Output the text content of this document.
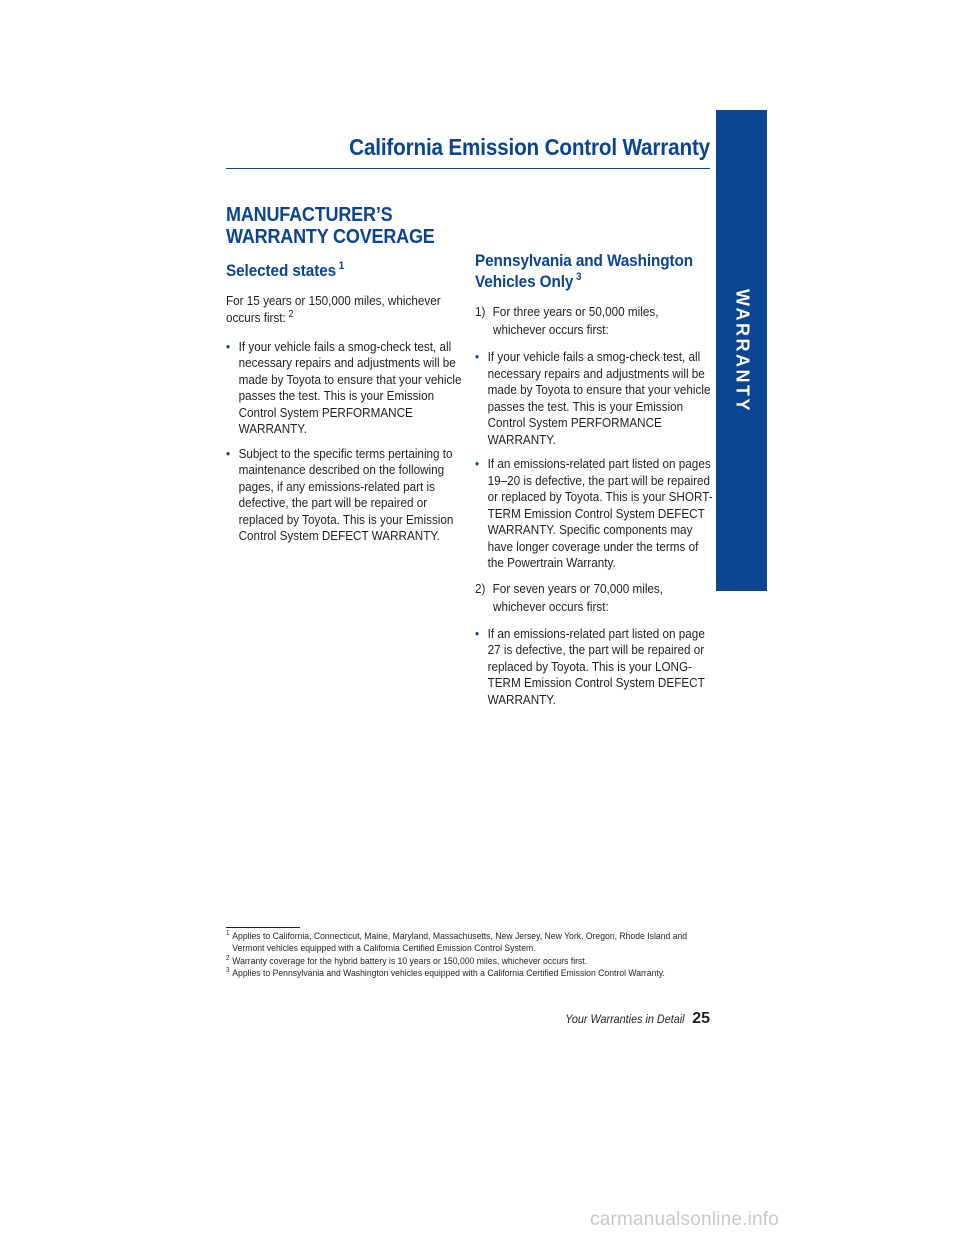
California Emission Control Warranty
WARRANTY
MANUFACTURER’S
WARRANTY COVERAGE
Selected states $^1$

For 15 years or 150,000 miles, whichever
occurs first: $^2$

• If your vehicle fails a smog-check test, all necessary repairs and adjustments will be made by Toyota to ensure that your vehicle passes the test. This is your Emission Control System PERFORMANCE WARRANTY.
• Subject to the specific terms pertaining to maintenance described on the following pages, if any emissions-related part is defective, the part will be repaired or replaced by Toyota. This is your Emission Control System DEFECT WARRANTY.
Pennsylvania and Washington
Vehicles Only $^3$
1) For three years or 50,000 miles,
whichever occurs first:
• If your vehicle fails a smog-check test, all necessary repairs and adjustments will be made by Toyota to ensure that your vehicle passes the test. This is your Emission Control System PERFORMANCE WARRANTY.
• If an emissions-related part listed on pages 19–20 is defective, the part will be repaired or replaced by Toyota. This is your SHORT-TERM Emission Control System DEFECT WARRANTY. Specific components may have longer coverage under the terms of the Powertrain Warranty.
2) For seven years or 70,000 miles,
whichever occurs first:
• If an emissions-related part listed on page 27 is defective, the part will be repaired or replaced by Toyota. This is your LONG-TERM Emission Control System DEFECT WARRANTY.
1 Applies to California, Connecticut, Maine, Maryland, Massachusetts, New Jersey, New York, Oregon, Rhode Island and Vermont vehicles equipped with a California Certified Emission Control System.
2 Warranty coverage for the hybrid battery is 10 years or 150,000 miles, whichever occurs first.
3 Applies to Pennsylvania and Washington vehicles equipped with a California Certified Emission Control Warranty.
Your Warranties in Detail 25
carmanualsonline.info
